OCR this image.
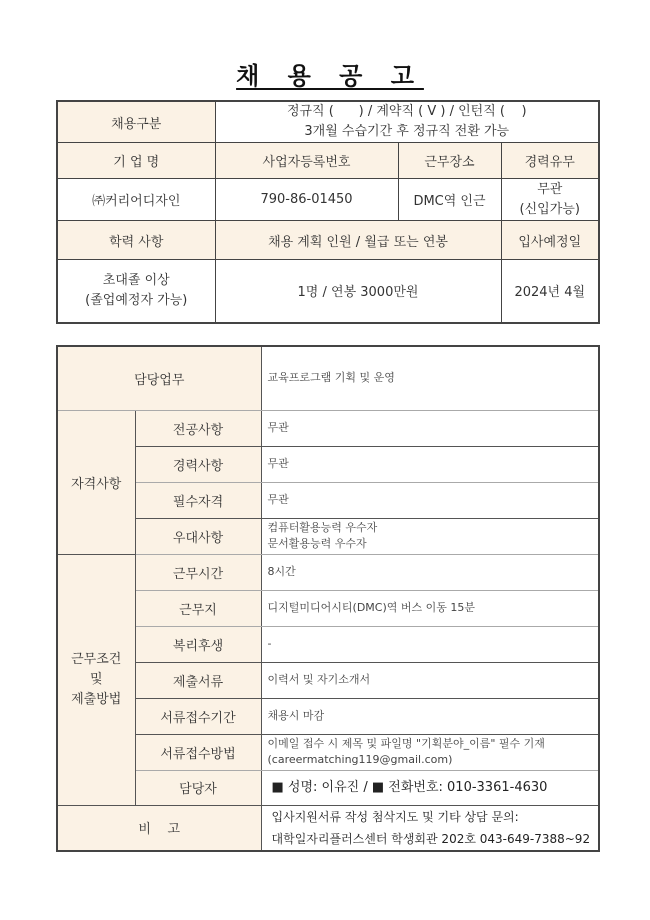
채 용 공 고
채용구분	정규직 (      ) / 계약직 ( V ) / 인턴직 (    )
3개월 수습기간 후 정규직 전환 가능		

기 업 명	사업자등록번호	근무장소	경력유무
㈜커리어디자인	790-86-01450	DMC역 인근	무관
(신입가능)

학력 사항	채용 계획 인원 / 월급 또는 연봉		입사예정일

초대졸 이상
(졸업예정자 가능)	1명 / 연봉 3000만원		2024년 4월
담당업무		교육프로그램 기획 및 운영
자격사항	전공사항	무관
	경력사항	무관
	필수자격	무관
	우대사항	컴퓨터활용능력 우수자
문서활용능력 우수자

근무조건
및
제출방법	근무시간	8시간
	근무지	디지털미디어시티(DMC)역 버스 이동 15분
	복리후생	-
	제출서류	이력서 및 자기소개서
	서류접수기간	채용시 마감
	서류접수방법	이메일 접수 시 제목 및 파일명 "기획분야_이름" 필수 기재
(careermatching119@gmail.com)

	담당자	■ 성명: 이유진 / ■ 전화번호: 010-3361-4630
비    고		입사지원서류 작성 첨삭지도 및 기타 상담 문의:
대학일자리플러스센터 학생회관 202호 043-649-7388~92
